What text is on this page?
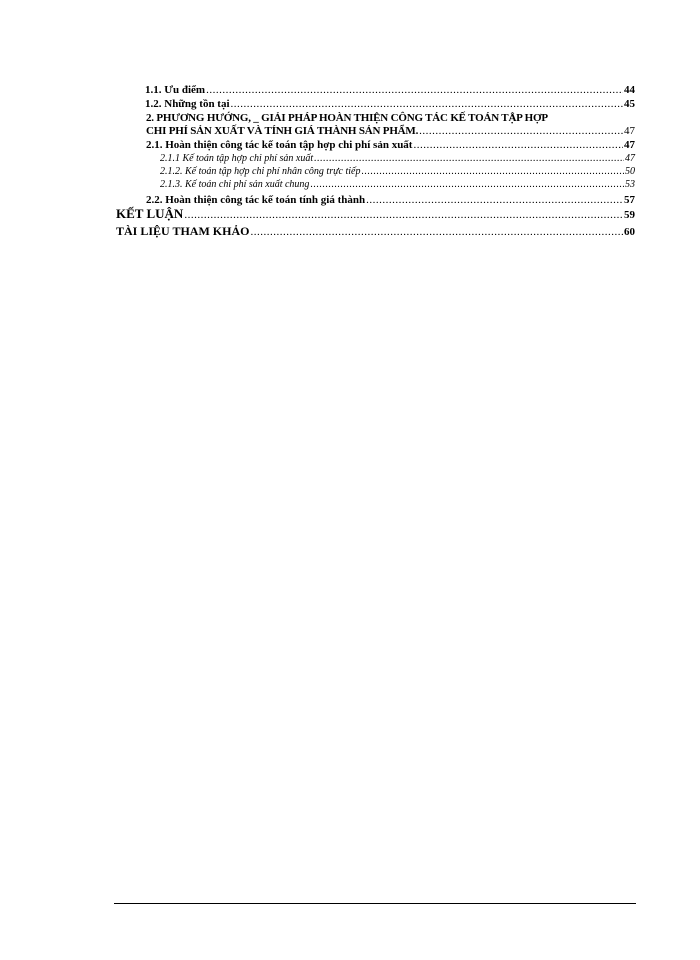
1.1. Ưu điểm .....	44
1.2. Những tồn tại .....	45
2. PHƯƠNG HƯỚNG, _ GIẢI PHÁP HOÀN THIỆN CÔNG TÁC KẾ TOÁN TẬP HỢP
CHI PHÍ SẢN XUẤT VÀ TÍNH GIÁ THÀNH SẢN PHẨM. .....	47
2.1. Hoàn thiện công tác kế toán tập hợp chi phí sản xuất .....	47
2.1.1 Kế toán tập hợp chi phí sản xuất .....	47
2.1.2. Kế toán tập hợp chi phí nhân công trực tiếp .....	50
2.1.3. Kế toán chi phí sản xuất chung .....	53
2.2. Hoàn thiện công tác kế toán tính giá thành .....	57
KẾT LUẬN .....	59
TÀI LIỆU THAM KHẢO .....	60
